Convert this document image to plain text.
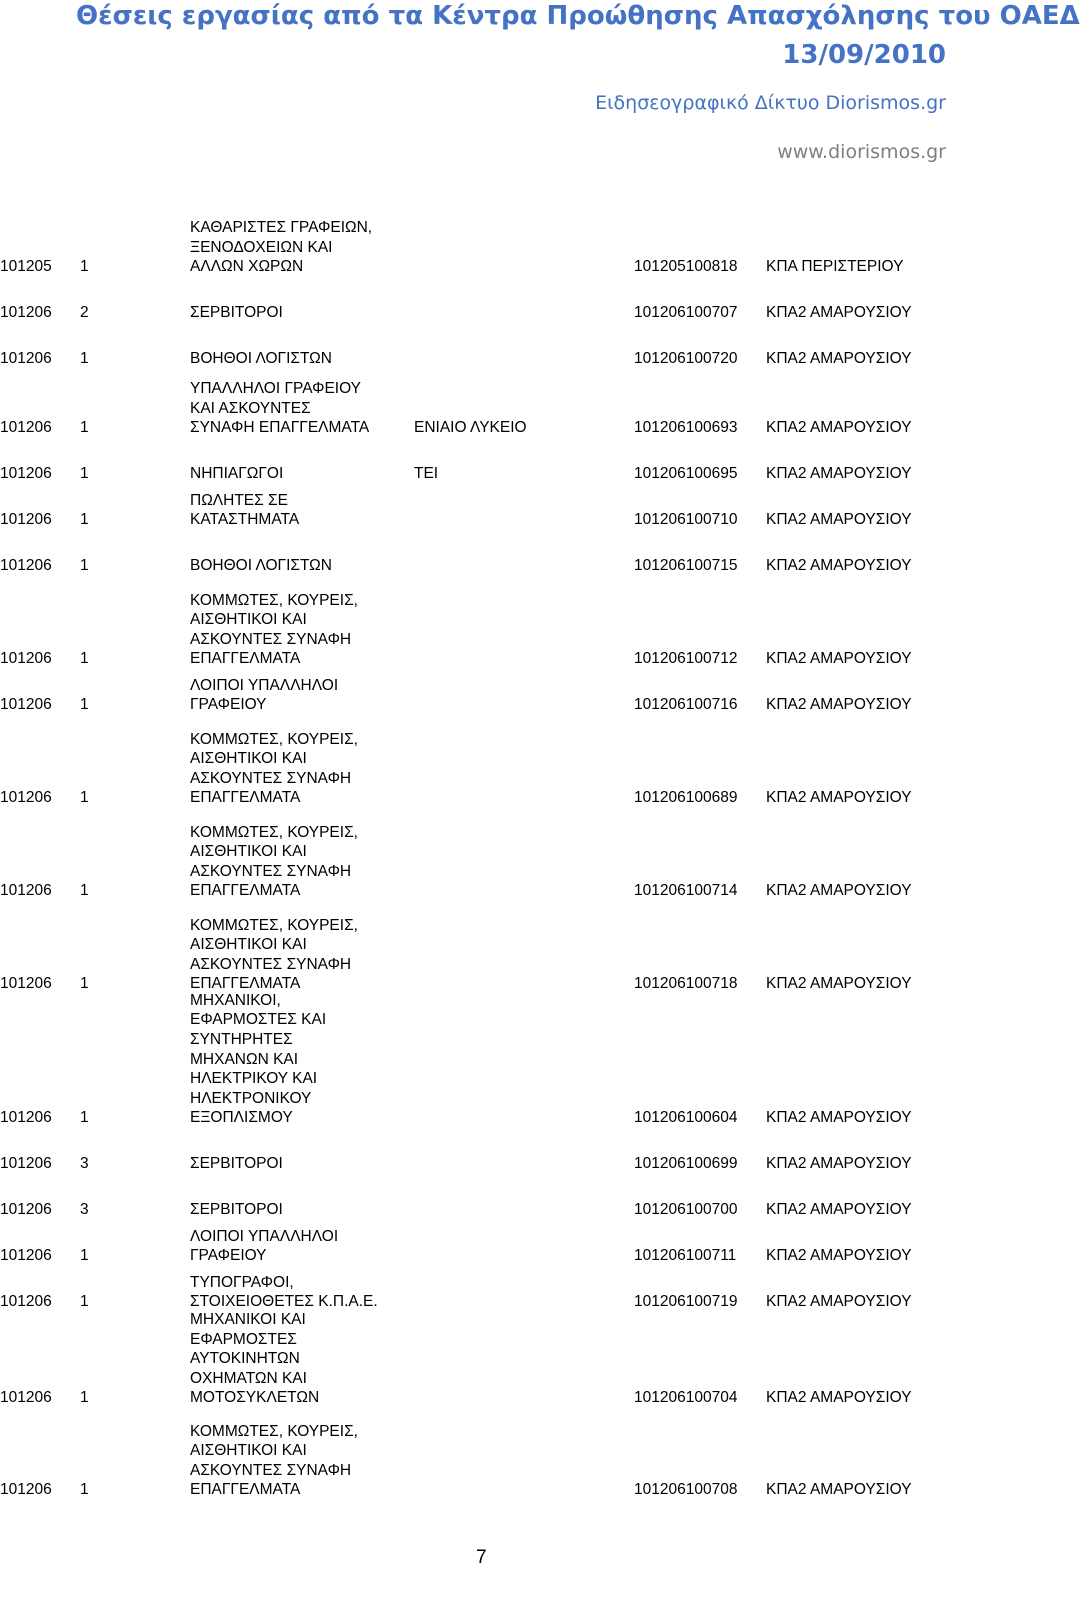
Θέσεις εργασίας από τα Κέντρα Προώθησης Απασχόλησης του ΟΑΕΔ
13/09/2010
Ειδησεογραφικό Δίκτυο Diorismos.gr
www.diorismos.gr
101205 1
ΚΑΘΑΡΙΣΤΕΣ ΓΡΑΦΕΙΩΝ,
ΞΕΝΟΔΟΧΕΙΩΝ ΚΑΙ
ΑΛΛΩΝ ΧΩΡΩΝ	101205100818 ΚΠΑ ΠΕΡΙΣΤΕΡΙΟΥ
101206 2	ΣΕΡΒΙΤΟΡΟΙ	101206100707 ΚΠΑ2 ΑΜΑΡΟΥΣΙΟΥ
101206 1	ΒΟΗΘΟΙ ΛΟΓΙΣΤΩΝ	101206100720 ΚΠΑ2 ΑΜΑΡΟΥΣΙΟΥ
101206 1
ΥΠΑΛΛΗΛΟΙ ΓΡΑΦΕΙΟΥ
ΚΑΙ ΑΣΚΟΥΝΤΕΣ
ΣΥΝΑΦΗ ΕΠΑΓΓΕΛΜΑΤΑ	ΕΝΙΑΙΟ ΛΥΚΕΙΟ	101206100693 ΚΠΑ2 ΑΜΑΡΟΥΣΙΟΥ
101206 1	ΝΗΠΙΑΓΩΓΟΙ	ΤΕΙ	101206100695 ΚΠΑ2 ΑΜΑΡΟΥΣΙΟΥ
101206 1
ΠΩΛΗΤΕΣ ΣΕ
ΚΑΤΑΣΤΗΜΑΤΑ	101206100710 ΚΠΑ2 ΑΜΑΡΟΥΣΙΟΥ
101206 1	ΒΟΗΘΟΙ ΛΟΓΙΣΤΩΝ	101206100715 ΚΠΑ2 ΑΜΑΡΟΥΣΙΟΥ
101206 1
ΚΟΜΜΩΤΕΣ, ΚΟΥΡΕΙΣ,
ΑΙΣΘΗΤΙΚΟΙ ΚΑΙ
ΑΣΚΟΥΝΤΕΣ ΣΥΝΑΦΗ
ΕΠΑΓΓΕΛΜΑΤΑ	101206100712 ΚΠΑ2 ΑΜΑΡΟΥΣΙΟΥ
101206 1
ΛΟΙΠΟΙ ΥΠΑΛΛΗΛΟΙ
ΓΡΑΦΕΙΟΥ	101206100716 ΚΠΑ2 ΑΜΑΡΟΥΣΙΟΥ
101206 1
ΚΟΜΜΩΤΕΣ, ΚΟΥΡΕΙΣ,
ΑΙΣΘΗΤΙΚΟΙ ΚΑΙ
ΑΣΚΟΥΝΤΕΣ ΣΥΝΑΦΗ
ΕΠΑΓΓΕΛΜΑΤΑ	101206100689 ΚΠΑ2 ΑΜΑΡΟΥΣΙΟΥ
101206 1
ΚΟΜΜΩΤΕΣ, ΚΟΥΡΕΙΣ,
ΑΙΣΘΗΤΙΚΟΙ ΚΑΙ
ΑΣΚΟΥΝΤΕΣ ΣΥΝΑΦΗ
ΕΠΑΓΓΕΛΜΑΤΑ	101206100714 ΚΠΑ2 ΑΜΑΡΟΥΣΙΟΥ
101206 1
ΚΟΜΜΩΤΕΣ, ΚΟΥΡΕΙΣ,
ΑΙΣΘΗΤΙΚΟΙ ΚΑΙ
ΑΣΚΟΥΝΤΕΣ ΣΥΝΑΦΗ
ΕΠΑΓΓΕΛΜΑΤΑ	101206100718 ΚΠΑ2 ΑΜΑΡΟΥΣΙΟΥ
101206 1
ΜΗΧΑΝΙΚΟΙ,
ΕΦΑΡΜΟΣΤΕΣ ΚΑΙ
ΣΥΝΤΗΡΗΤΕΣ
ΜΗΧΑΝΩΝ ΚΑΙ
ΗΛΕΚΤΡΙΚΟΥ ΚΑΙ
ΗΛΕΚΤΡΟΝΙΚΟΥ
ΕΞΟΠΛΙΣΜΟΥ	101206100604 ΚΠΑ2 ΑΜΑΡΟΥΣΙΟΥ
101206 3	ΣΕΡΒΙΤΟΡΟΙ	101206100699 ΚΠΑ2 ΑΜΑΡΟΥΣΙΟΥ
101206 3	ΣΕΡΒΙΤΟΡΟΙ	101206100700 ΚΠΑ2 ΑΜΑΡΟΥΣΙΟΥ
101206 1
ΛΟΙΠΟΙ ΥΠΑΛΛΗΛΟΙ
ΓΡΑΦΕΙΟΥ	101206100711 ΚΠΑ2 ΑΜΑΡΟΥΣΙΟΥ
101206 1
ΤΥΠΟΓΡΑΦΟΙ,
ΣΤΟΙΧΕΙΟΘΕΤΕΣ Κ.Π.Α.Ε.	101206100719 ΚΠΑ2 ΑΜΑΡΟΥΣΙΟΥ
101206 1
ΜΗΧΑΝΙΚΟΙ ΚΑΙ
ΕΦΑΡΜΟΣΤΕΣ
ΑΥΤΟΚΙΝΗΤΩΝ
ΟΧΗΜΑΤΩΝ ΚΑΙ
ΜΟΤΟΣΥΚΛΕΤΩΝ	101206100704 ΚΠΑ2 ΑΜΑΡΟΥΣΙΟΥ
101206 1
ΚΟΜΜΩΤΕΣ, ΚΟΥΡΕΙΣ,
ΑΙΣΘΗΤΙΚΟΙ ΚΑΙ
ΑΣΚΟΥΝΤΕΣ ΣΥΝΑΦΗ
ΕΠΑΓΓΕΛΜΑΤΑ	101206100708 ΚΠΑ2 ΑΜΑΡΟΥΣΙΟΥ
7
